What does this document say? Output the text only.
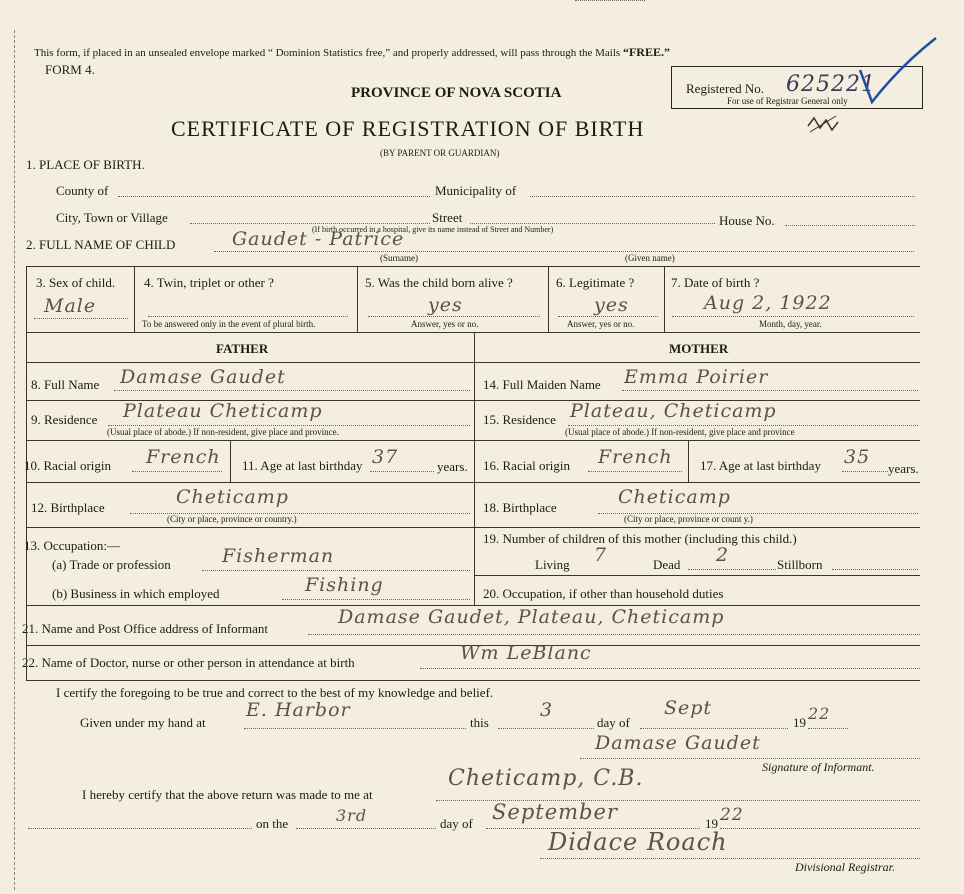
This form, if placed in an unsealed envelope marked “ Dominion Statistics free,” and properly addressed, will pass through the Mails “FREE.”
FORM 4.
PROVINCE OF NOVA SCOTIA
CERTIFICATE OF REGISTRATION OF BIRTH
(BY PARENT OR GUARDIAN)
Registered No. 625221
For use of Registrar General only
1. PLACE OF BIRTH.
County of	Municipality of
City, Town or Village	Street	House No.
(If birth occurred in a hospital, give its name instead of Street and Number)
2. FULL NAME OF CHILD	Gaudet - Patrice
(Surname)	(Given name)
3. Sex of child.
Male
4. Twin, triplet or other ?
To be answered only in the event of plural birth.
5. Was the child born alive ?
yes
Answer, yes or no.
6. Legitimate ?
yes
Answer, yes or no.
7. Date of birth ?
Aug 2, 1922
Month, day, year.
FATHER	MOTHER
8. Full Name Damase Gaudet
9. Residence Plateau Cheticamp
(Usual place of abode.) If non-resident, give place and province.
10. Racial origin French 11. Age at last birthday 37	years.
12. Birthplace	Cheticamp
(City or place, province or country.)
13. Occupation:—
(a) Trade or profession	Fisherman
(b) Business in which employed	Fishing
14. Full Maiden Name Emma Poirier
15. Residence Plateau, Cheticamp
(Usual place of abode.) If non-resident, give place and province
16. Racial origin French 17. Age at last birthday 35
years.
18. Birthplace	Cheticamp
(City or place, province or count y.)
19. Number of children of this mother (including this child.)
Living 7	Dead 2	Stillborn
20. Occupation, if other than household duties
21. Name and Post Office address of Informant
Damase Gaudet, Plateau, Cheticamp
22. Name of Doctor, nurse or other person in attendance at birth	Wm LeBlanc
I certify the foregoing to be true and correct to the best of my knowledge and belief.
Given under my hand at
E. Harbor
this
3
day of
Sept
19 22
Damase Gaudet
Signature of Informant.
I hereby certify that the above return was made to me at
Cheticamp, C.B.
on the	3rd	day of September	19 22
Didace Roach
Divisional Registrar.
